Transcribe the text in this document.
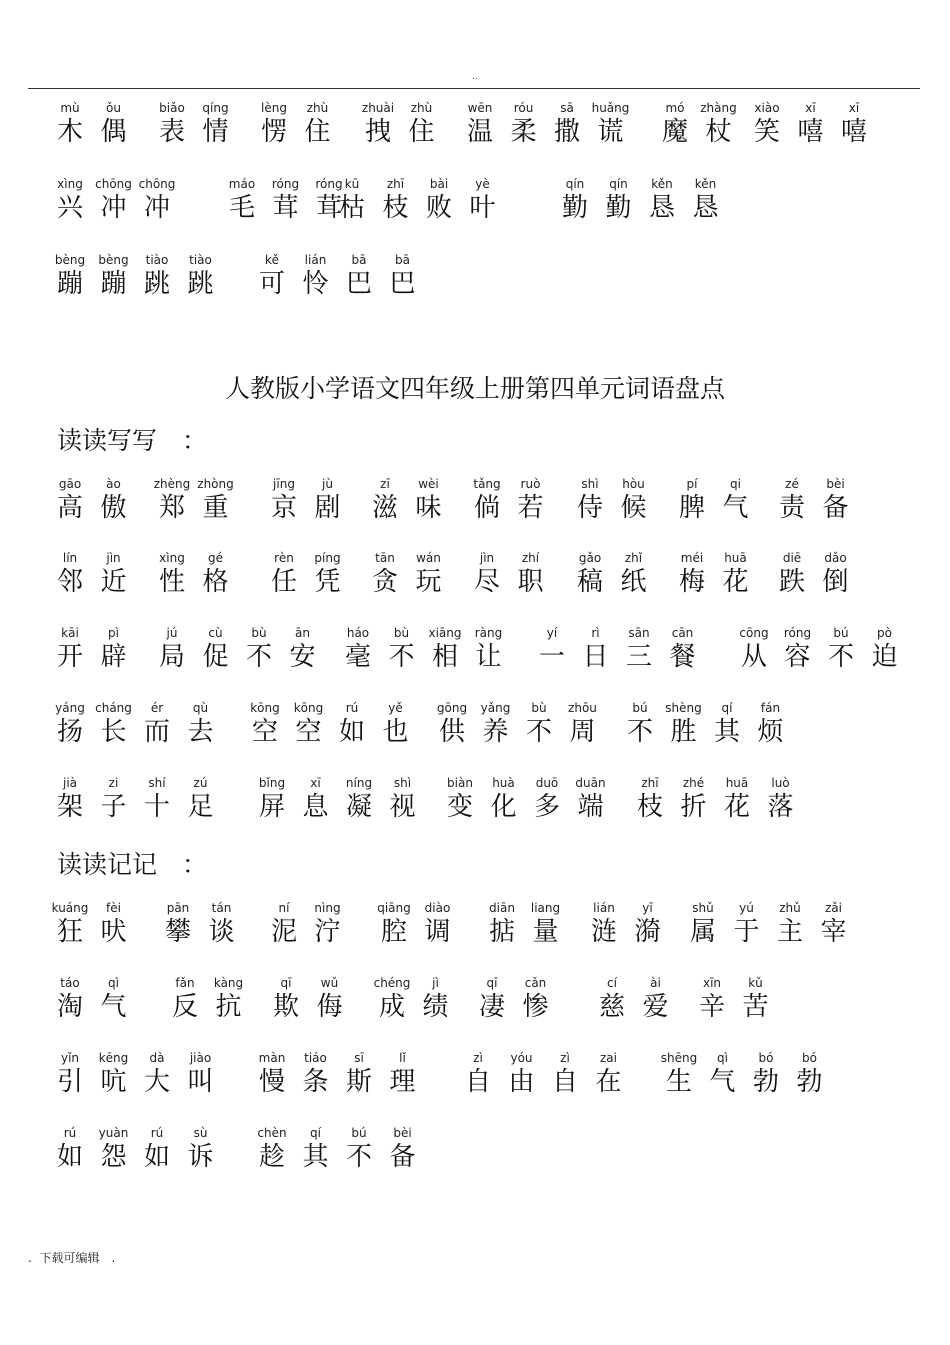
..
mù
木
ǒu
偶
biǎo
表
qíng
情
lèng
愣
zhù
住
zhuài
拽
zhù
住
wēn
温
róu
柔
sā
撒
huǎng
谎
mó
魔
zhàng
杖
xiào
笑
xī
嘻
xī
嘻
xìng
兴
chōng
冲
chōng
冲
máo
毛
róng
茸
róng
茸
kū
枯
zhī
枝
bài
败
yè
叶
qín
勤
qín
勤
kěn
恳
kěn
恳
bèng
蹦
bèng
蹦
tiào
跳
tiào
跳
kě
可
lián
怜
bā
巴
bā
巴
人教版小学语文四年级上册第四单元词语盘点
读读写写　：
gāo
高
ào
傲
zhèng
郑
zhòng
重
jīng
京
jù
剧
zī
滋
wèi
味
tǎng
倘
ruò
若
shì
侍
hòu
候
pí
脾
qi
气
zé
责
bèi
备
lín
邻
jìn
近
xìng
性
gé
格
rèn
任
píng
凭
tān
贪
wán
玩
jìn
尽
zhí
职
gǎo
稿
zhǐ
纸
méi
梅
huā
花
diē
跌
dǎo
倒
kāi
开
pì
辟
jú
局
cù
促
bù
不
ān
安
háo
毫
bù
不
xiāng
相
ràng
让
yí
一
rì
日
sān
三
cān
餐
cōng
从
róng
容
bú
不
pò
迫
yáng
扬
cháng
长
ér
而
qù
去
kōng
空
kōng
空
rú
如
yě
也
gōng
供
yǎng
养
bù
不
zhōu
周
bú
不
shèng
胜
qí
其
fán
烦
jià
架
zi
子
shí
十
zú
足
bǐng
屏
xī
息
níng
凝
shì
视
biàn
变
huà
化
duō
多
duān
端
zhī
枝
zhé
折
huā
花
luò
落
读读记记　：
kuáng
狂
fèi
吠
pān
攀
tán
谈
ní
泥
nìng
泞
qiāng
腔
diào
调
diān
掂
liang
量
lián
涟
yī
漪
shǔ
属
yú
于
zhǔ
主
zǎi
宰
táo
淘
qì
气
fǎn
反
kàng
抗
qī
欺
wǔ
侮
chéng
成
jì
绩
qī
凄
cǎn
惨
cí
慈
ài
爱
xīn
辛
kǔ
苦
yǐn
引
kēng
吭
dà
大
jiào
叫
màn
慢
tiáo
条
sī
斯
lǐ
理
zì
自
yóu
由
zì
自
zai
在
shēng
生
qì
气
bó
勃
bó
勃
rú
如
yuàn
怨
rú
如
sù
诉
chèn
趁
qí
其
bú
不
bèi
备
.  下载可编辑　.
